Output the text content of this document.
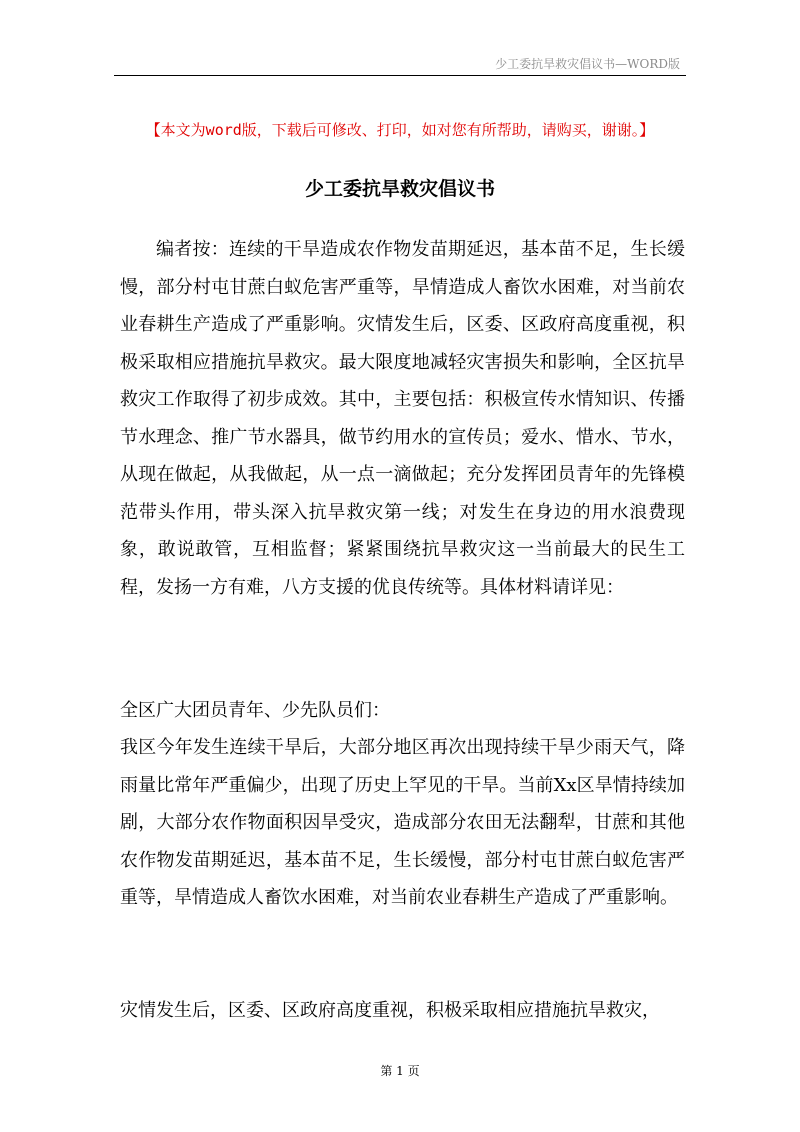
少工委抗旱救灾倡议书—WORD版
【本文为word版，下载后可修改、打印，如对您有所帮助，请购买，谢谢。】
少工委抗旱救灾倡议书
编者按：连续的干旱造成农作物发苗期延迟，基本苗不足，生长缓慢，部分村屯甘蔗白蚁危害严重等，旱情造成人畜饮水困难，对当前农业春耕生产造成了严重影响。灾情发生后，区委、区政府高度重视，积极采取相应措施抗旱救灾。最大限度地减轻灾害损失和影响，全区抗旱救灾工作取得了初步成效。其中，主要包括：积极宣传水情知识、传播节水理念、推广节水器具，做节约用水的宣传员；爱水、惜水、节水，从现在做起，从我做起，从一点一滴做起；充分发挥团员青年的先锋模范带头作用，带头深入抗旱救灾第一线；对发生在身边的用水浪费现象，敢说敢管，互相监督；紧紧围绕抗旱救灾这一当前最大的民生工程，发扬一方有难，八方支援的优良传统等。具体材料请详见：
全区广大团员青年、少先队员们：
我区今年发生连续干旱后，大部分地区再次出现持续干旱少雨天气，降雨量比常年严重偏少，出现了历史上罕见的干旱。当前Xx区旱情持续加剧，大部分农作物面积因旱受灾，造成部分农田无法翻犁，甘蔗和其他农作物发苗期延迟，基本苗不足，生长缓慢，部分村屯甘蔗白蚁危害严重等，旱情造成人畜饮水困难，对当前农业春耕生产造成了严重影响。
灾情发生后，区委、区政府高度重视，积极采取相应措施抗旱救灾，
第 1 页
